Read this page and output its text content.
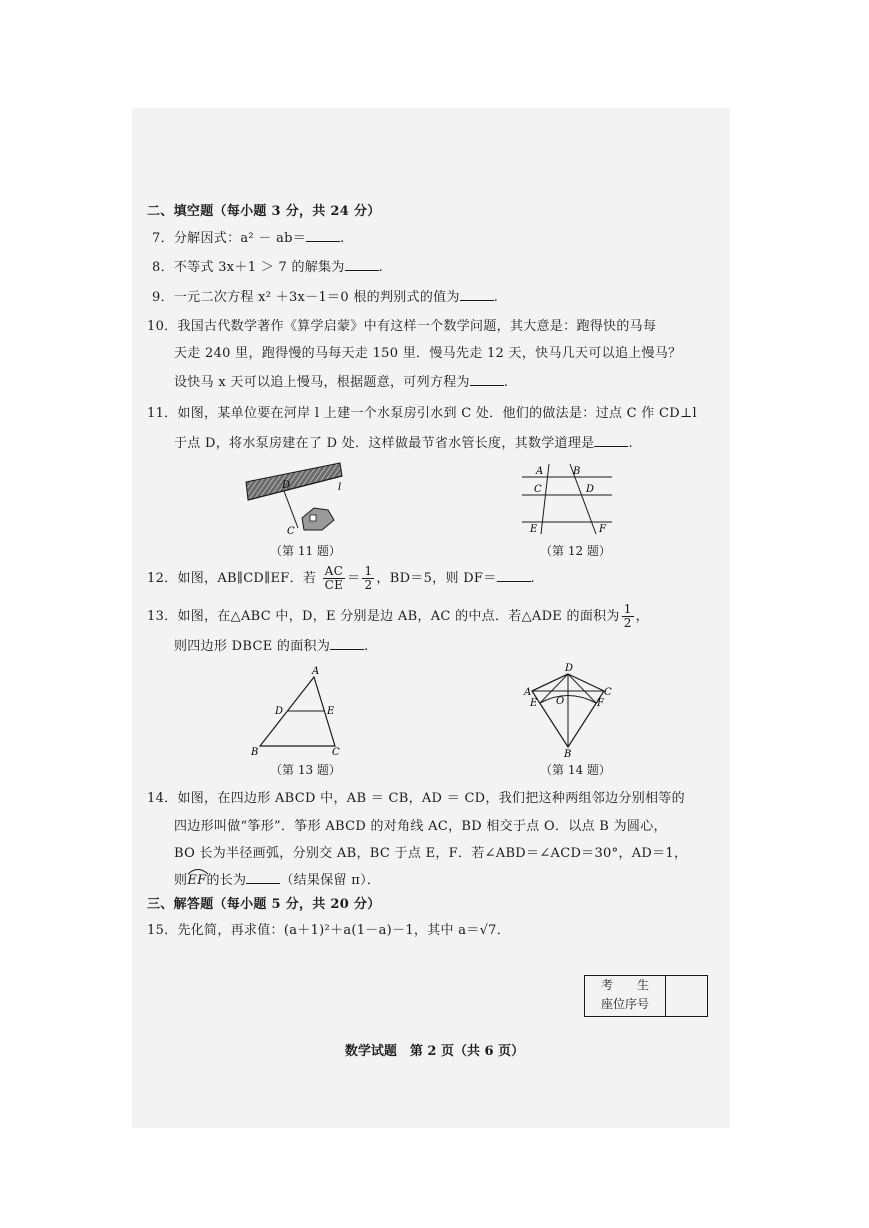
二、填空题（每小题 3 分，共 24 分）
7．分解因式：a² － ab＝	.
8．不等式 3x＋1 ＞ 7 的解集为	.
9．一元二次方程 x² ＋3x－1＝0 根的判别式的值为	.
10．我国古代数学著作《算学启蒙》中有这样一个数学问题，其大意是：跑得快的马每
天走 240 里，跑得慢的马每天走 150 里．慢马先走 12 天，快马几天可以追上慢马？
设快马 x 天可以追上慢马，根据题意，可列方程为	.
11．如图，某单位要在河岸 l 上建一个水泵房引水到 C 处．他们的做法是：过点 C 作 CD⊥l
于点 D，将水泵房建在了 D 处．这样做最节省水管长度，其数学道理是	.
D	l
C
（第 11 题）
A	B
C	D
E	F
（第 12 题）
12．如图，AB∥CD∥EF．若 $\frac{AC}{CE} = \frac{1}{2}$ ，BD＝5，则 DF＝	.
13．如图，在△ABC 中，D，E 分别是边 AB，AC 的中点．若△ADE 的面积为 $\frac{1}{2}$ ，
则四边形 DBCE 的面积为	.
A
B	C
D	E
（第 13 题）
D
A	C
E	F
O
B
（第 14 题）
14．如图，在四边形 ABCD 中，AB ＝ CB，AD ＝ CD，我们把这种两组邻边分别相等的
四边形叫做“筝形”．筝形 ABCD 的对角线 AC，BD 相交于点 O．以点 B 为圆心，
BO 长为半径画弧，分别交 AB，BC 于点 E，F．若∠ABD＝∠ACD＝30°，AD＝1，
则
EF的长为	（结果保留 π）．
三、解答题（每小题 5 分，共 20 分）
15．先化简，再求值：(a＋1)²＋a(1－a)－1，其中 a＝√7．
考　　生
座位序号
数学试题　第 2 页（共 6 页）
